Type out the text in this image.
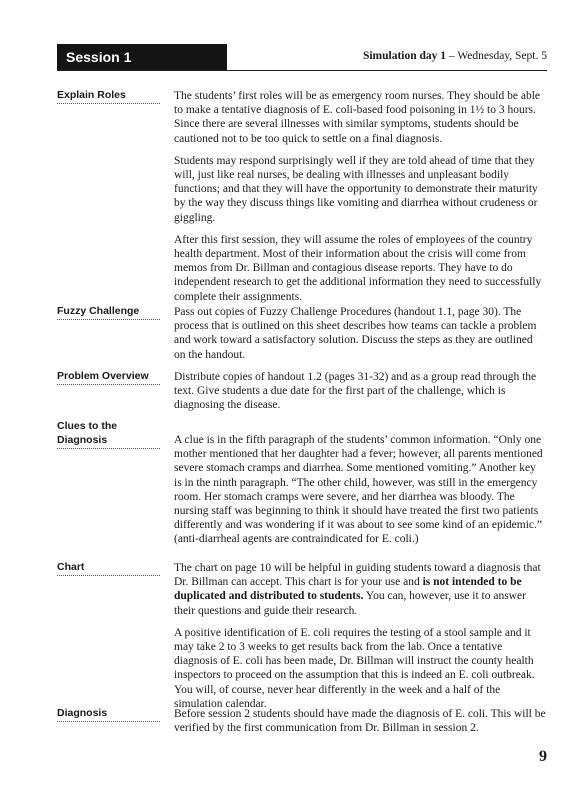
Session 1	Simulation day 1 – Wednesday, Sept. 5
Explain Roles	The students’ first roles will be as emergency room nurses. They should be able to make a tentative diagnosis of E. coli-based food poisoning in 1½ to 3 hours. Since there are several illnesses with similar symptoms, students should be cautioned not to be too quick to settle on a final diagnosis.

Students may respond surprisingly well if they are told ahead of time that they will, just like real nurses, be dealing with illnesses and unpleasant bodily functions; and that they will have the opportunity to demonstrate their maturity by the way they discuss things like vomiting and diarrhea without crudeness or giggling.

After this first session, they will assume the roles of employees of the country health department. Most of their information about the crisis will come from memos from Dr. Billman and contagious disease reports. They have to do independent research to get the additional information they need to successfully complete their assignments.

Fuzzy Challenge	Pass out copies of Fuzzy Challenge Procedures (handout 1.1, page 30). The process that is outlined on this sheet describes how teams can tackle a problem and work toward a satisfactory solution. Discuss the steps as they are outlined on the handout.

Problem Overview	Distribute copies of handout 1.2 (pages 31-32) and as a group read through the text. Give students a due date for the first part of the challenge, which is diagnosing the disease.

Clues to the
Diagnosis	A clue is in the fifth paragraph of the students’ common information. “Only one mother mentioned that her daughter had a fever; however, all parents mentioned severe stomach cramps and diarrhea. Some mentioned vomiting.” Another key is in the ninth paragraph. “The other child, however, was still in the emergency room. Her stomach cramps were severe, and her diarrhea was bloody. The nursing staff was beginning to think it should have treated the first two patients differently and was wondering if it was about to see some kind of an epidemic.” (anti-diarrheal agents are contraindicated for E. coli.)

Chart	The chart on page 10 will be helpful in guiding students toward a diagnosis that Dr. Billman can accept. This chart is for your use and is not intended to be duplicated and distributed to students. You can, however, use it to answer their questions and guide their research.

A positive identification of E. coli requires the testing of a stool sample and it may take 2 to 3 weeks to get results back from the lab. Once a tentative diagnosis of E. coli has been made, Dr. Billman will instruct the county health inspectors to proceed on the assumption that this is indeed an E. coli outbreak. You will, of course, never hear differently in the week and a half of the simulation calendar.

Diagnosis	Before session 2 students should have made the diagnosis of E. coli. This will be verified by the first communication from Dr. Billman in session 2.

9
